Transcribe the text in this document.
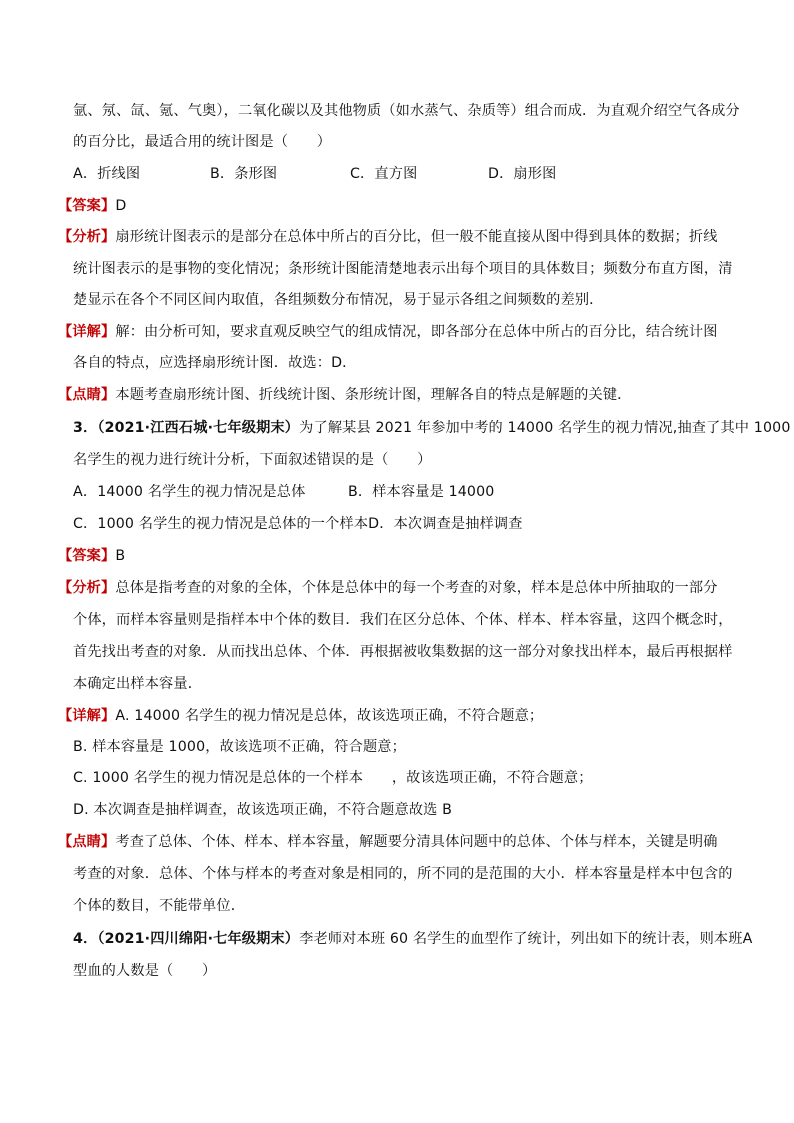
氩、氖、氙、氪、气奥），二氧化碳以及其他物质（如水蒸气、杂质等）组合而成．为直观介绍空气各成分
的百分比，最适合用的统计图是（　　）
A．折线图	B．条形图	C．直方图	D．扇形图
【答案】D
【分析】扇形统计图表示的是部分在总体中所占的百分比，但一般不能直接从图中得到具体的数据；折线
统计图表示的是事物的变化情况；条形统计图能清楚地表示出每个项目的具体数目；频数分布直方图，清
楚显示在各个不同区间内取值，各组频数分布情况，易于显示各组之间频数的差别．
【详解】解：由分析可知，要求直观反映空气的组成情况，即各部分在总体中所占的百分比，结合统计图
各自的特点，应选择扇形统计图．故选：D．
【点睛】本题考查扇形统计图、折线统计图、条形统计图，理解各自的特点是解题的关键．
3．（2021·江西石城·七年级期末）为了解某县 2021 年参加中考的 14000 名学生的视力情况,抽查了其中 1000
名学生的视力进行统计分析，下面叙述错误的是（　　）
A．14000 名学生的视力情况是总体	B．样本容量是 14000
C．1000 名学生的视力情况是总体的一个样本D．本次调查是抽样调查
【答案】B
【分析】总体是指考查的对象的全体，个体是总体中的每一个考查的对象，样本是总体中所抽取的一部分
个体，而样本容量则是指样本中个体的数目．我们在区分总体、个体、样本、样本容量，这四个概念时，
首先找出考查的对象．从而找出总体、个体．再根据被收集数据的这一部分对象找出样本，最后再根据样
本确定出样本容量．
【详解】A. 14000 名学生的视力情况是总体，故该选项正确，不符合题意；
B. 样本容量是 1000，故该选项不正确，符合题意；
C. 1000 名学生的视力情况是总体的一个样本　　，故该选项正确，不符合题意；
D. 本次调查是抽样调查，故该选项正确，不符合题意故选 B
【点睛】考查了总体、个体、样本、样本容量，解题要分清具体问题中的总体、个体与样本，关键是明确
考查的对象．总体、个体与样本的考查对象是相同的，所不同的是范围的大小．样本容量是样本中包含的
个体的数目，不能带单位．
4．（2021·四川绵阳·七年级期末）李老师对本班 60 名学生的血型作了统计，列出如下的统计表，则本班A
型血的人数是（　　）
